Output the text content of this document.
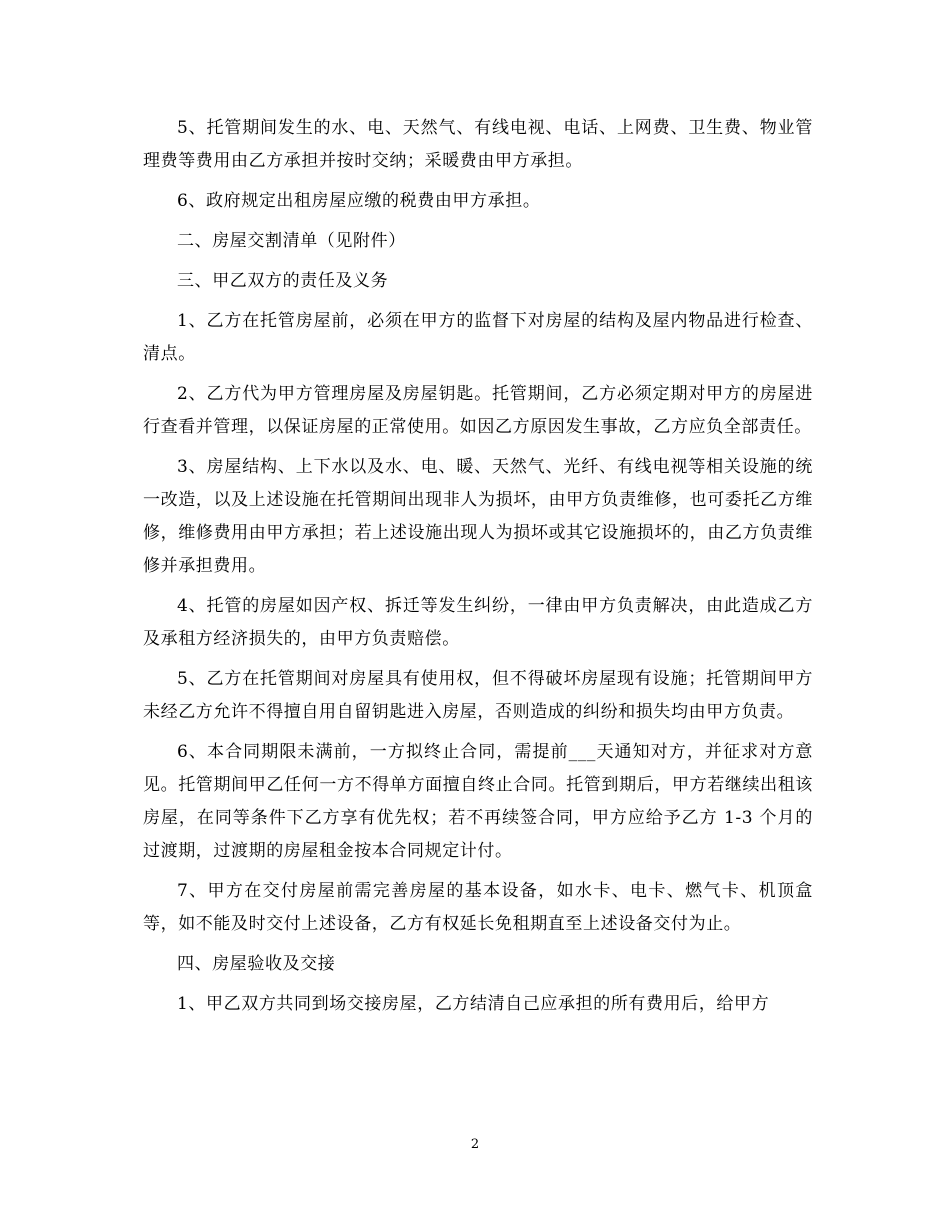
5、托管期间发生的水、电、天然气、有线电视、电话、上网费、卫生费、物业管理费等费用由乙方承担并按时交纳；采暖费由甲方承担。

6、政府规定出租房屋应缴的税费由甲方承担。

二、房屋交割清单（见附件）

三、甲乙双方的责任及义务

1、乙方在托管房屋前，必须在甲方的监督下对房屋的结构及屋内物品进行检查、清点。

2、乙方代为甲方管理房屋及房屋钥匙。托管期间，乙方必须定期对甲方的房屋进行查看并管理，以保证房屋的正常使用。如因乙方原因发生事故，乙方应负全部责任。

3、房屋结构、上下水以及水、电、暖、天然气、光纤、有线电视等相关设施的统一改造，以及上述设施在托管期间出现非人为损坏，由甲方负责维修，也可委托乙方维修，维修费用由甲方承担；若上述设施出现人为损坏或其它设施损坏的，由乙方负责维修并承担费用。

4、托管的房屋如因产权、拆迁等发生纠纷，一律由甲方负责解决，由此造成乙方及承租方经济损失的，由甲方负责赔偿。

5、乙方在托管期间对房屋具有使用权，但不得破坏房屋现有设施；托管期间甲方未经乙方允许不得擅自用自留钥匙进入房屋，否则造成的纠纷和损失均由甲方负责。

6、本合同期限未满前，一方拟终止合同，需提前___天通知对方，并征求对方意见。托管期间甲乙任何一方不得单方面擅自终止合同。托管到期后，甲方若继续出租该房屋，在同等条件下乙方享有优先权；若不再续签合同，甲方应给予乙方 1-3 个月的过渡期，过渡期的房屋租金按本合同规定计付。

7、甲方在交付房屋前需完善房屋的基本设备，如水卡、电卡、燃气卡、机顶盒等，如不能及时交付上述设备，乙方有权延长免租期直至上述设备交付为止。

四、房屋验收及交接

1、甲乙双方共同到场交接房屋，乙方结清自己应承担的所有费用后，给甲方

2
